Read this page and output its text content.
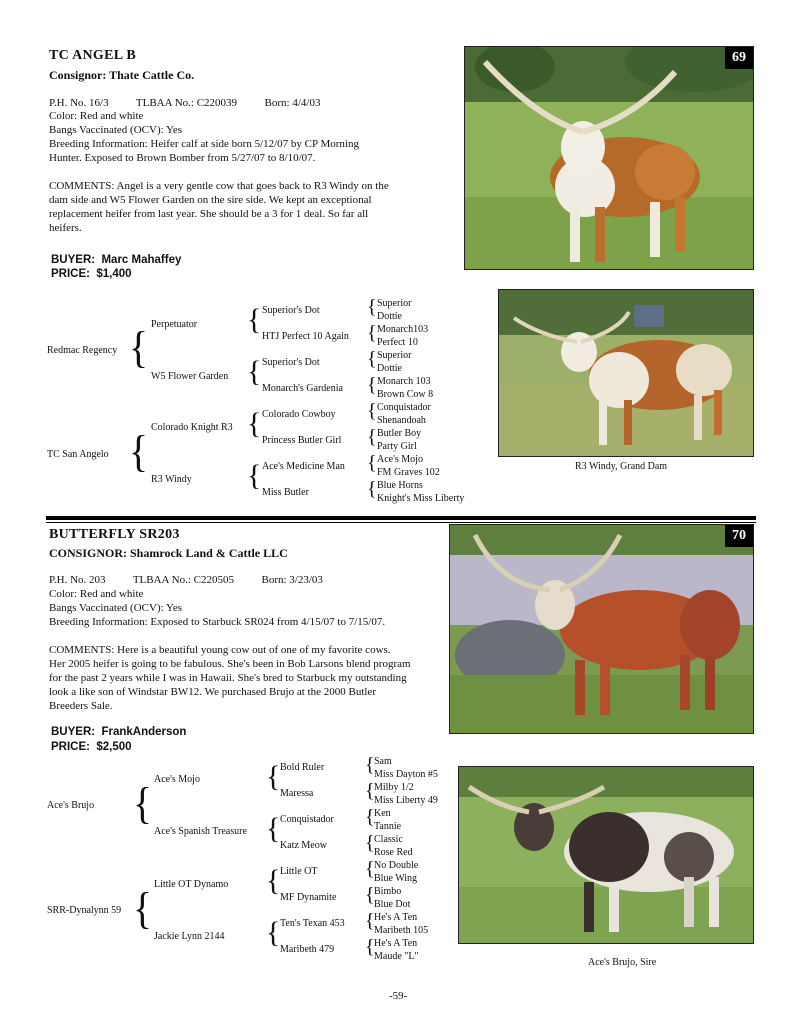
TC ANGEL B
Consignor: Thate Cattle Co.
P.H. No. 16/3          TLBAA No.: C220039          Born: 4/4/03
Color: Red and white
Bangs Vaccinated (OCV): Yes
Breeding Information: Heifer calf at side born 5/12/07 by CP Morning
Hunter. Exposed to Brown Bomber from 5/27/07 to 8/10/07.
COMMENTS: Angel is a very gentle cow that goes back to R3 Windy on the
dam side and W5 Flower Garden on the sire side. We kept an exceptional
replacement heifer from last year. She should be a 3 for 1 deal. So far all
heifers.
BUYER:  Marc Mahaffey
PRICE:  $1,400
69
R3 Windy, Grand Dam
Redmac Regency
TC San Angelo
{
{
Perpetuator
W5 Flower Garden
Colorado Knight R3
R3 Windy
{
{
{
{
Superior's Dot
HTJ Perfect 10 Again
Superior's Dot
Monarch's Gardenia
Colorado Cowboy
Princess Butler Girl
Ace's Medicine Man
Miss Butler
{
{
{
{
{
{
{
{
Superior
Dottie
Monarch103
Perfect 10
Superior
Dottie
Monarch 103
Brown Cow 8
Conquistador
Shenandoah
Butler Boy
Party Girl
Ace's Mojo
FM Graves 102
Blue Horns
Knight's Miss Liberty
BUTTERFLY SR203
CONSIGNOR: Shamrock Land & Cattle LLC
P.H. No. 203          TLBAA No.: C220505          Born: 3/23/03
Color: Red and white
Bangs Vaccinated (OCV): Yes
Breeding Information: Exposed to Starbuck SR024 from 4/15/07 to 7/15/07.
COMMENTS: Here is a beautiful young cow out of one of my favorite cows.
Her 2005 heifer is going to be fabulous. She's been in Bob Larsons blend program
for the past 2 years while I was in Hawaii. She's bred to Starbuck my outstanding
look a like son of Windstar BW12. We purchased Brujo at the 2000 Butler
Breeders Sale.
BUYER:  FrankAnderson
PRICE:  $2,500
70
Ace's Brujo, Sire
Ace's Brujo
SRR-Dynalynn 59
{
{
Ace's Mojo
Ace's Spanish Treasure
Little OT Dynamo
Jackie Lynn 2144
{
{
{
{
Bold Ruler
Maressa
Conquistador
Katz Meow
Little OT
MF Dynamite
Ten's Texan 453
Maribeth 479
{
{
{
{
{
{
{
{
Sam
Miss Dayton #5
Milby 1/2
Miss Liberty 49
Ken
Tannie
Classic
Rose Red
No Double
Blue Wing
Bimbo
Blue Dot
He's A Ten
Maribeth 105
He's A Ten
Maude "L"
-59-
